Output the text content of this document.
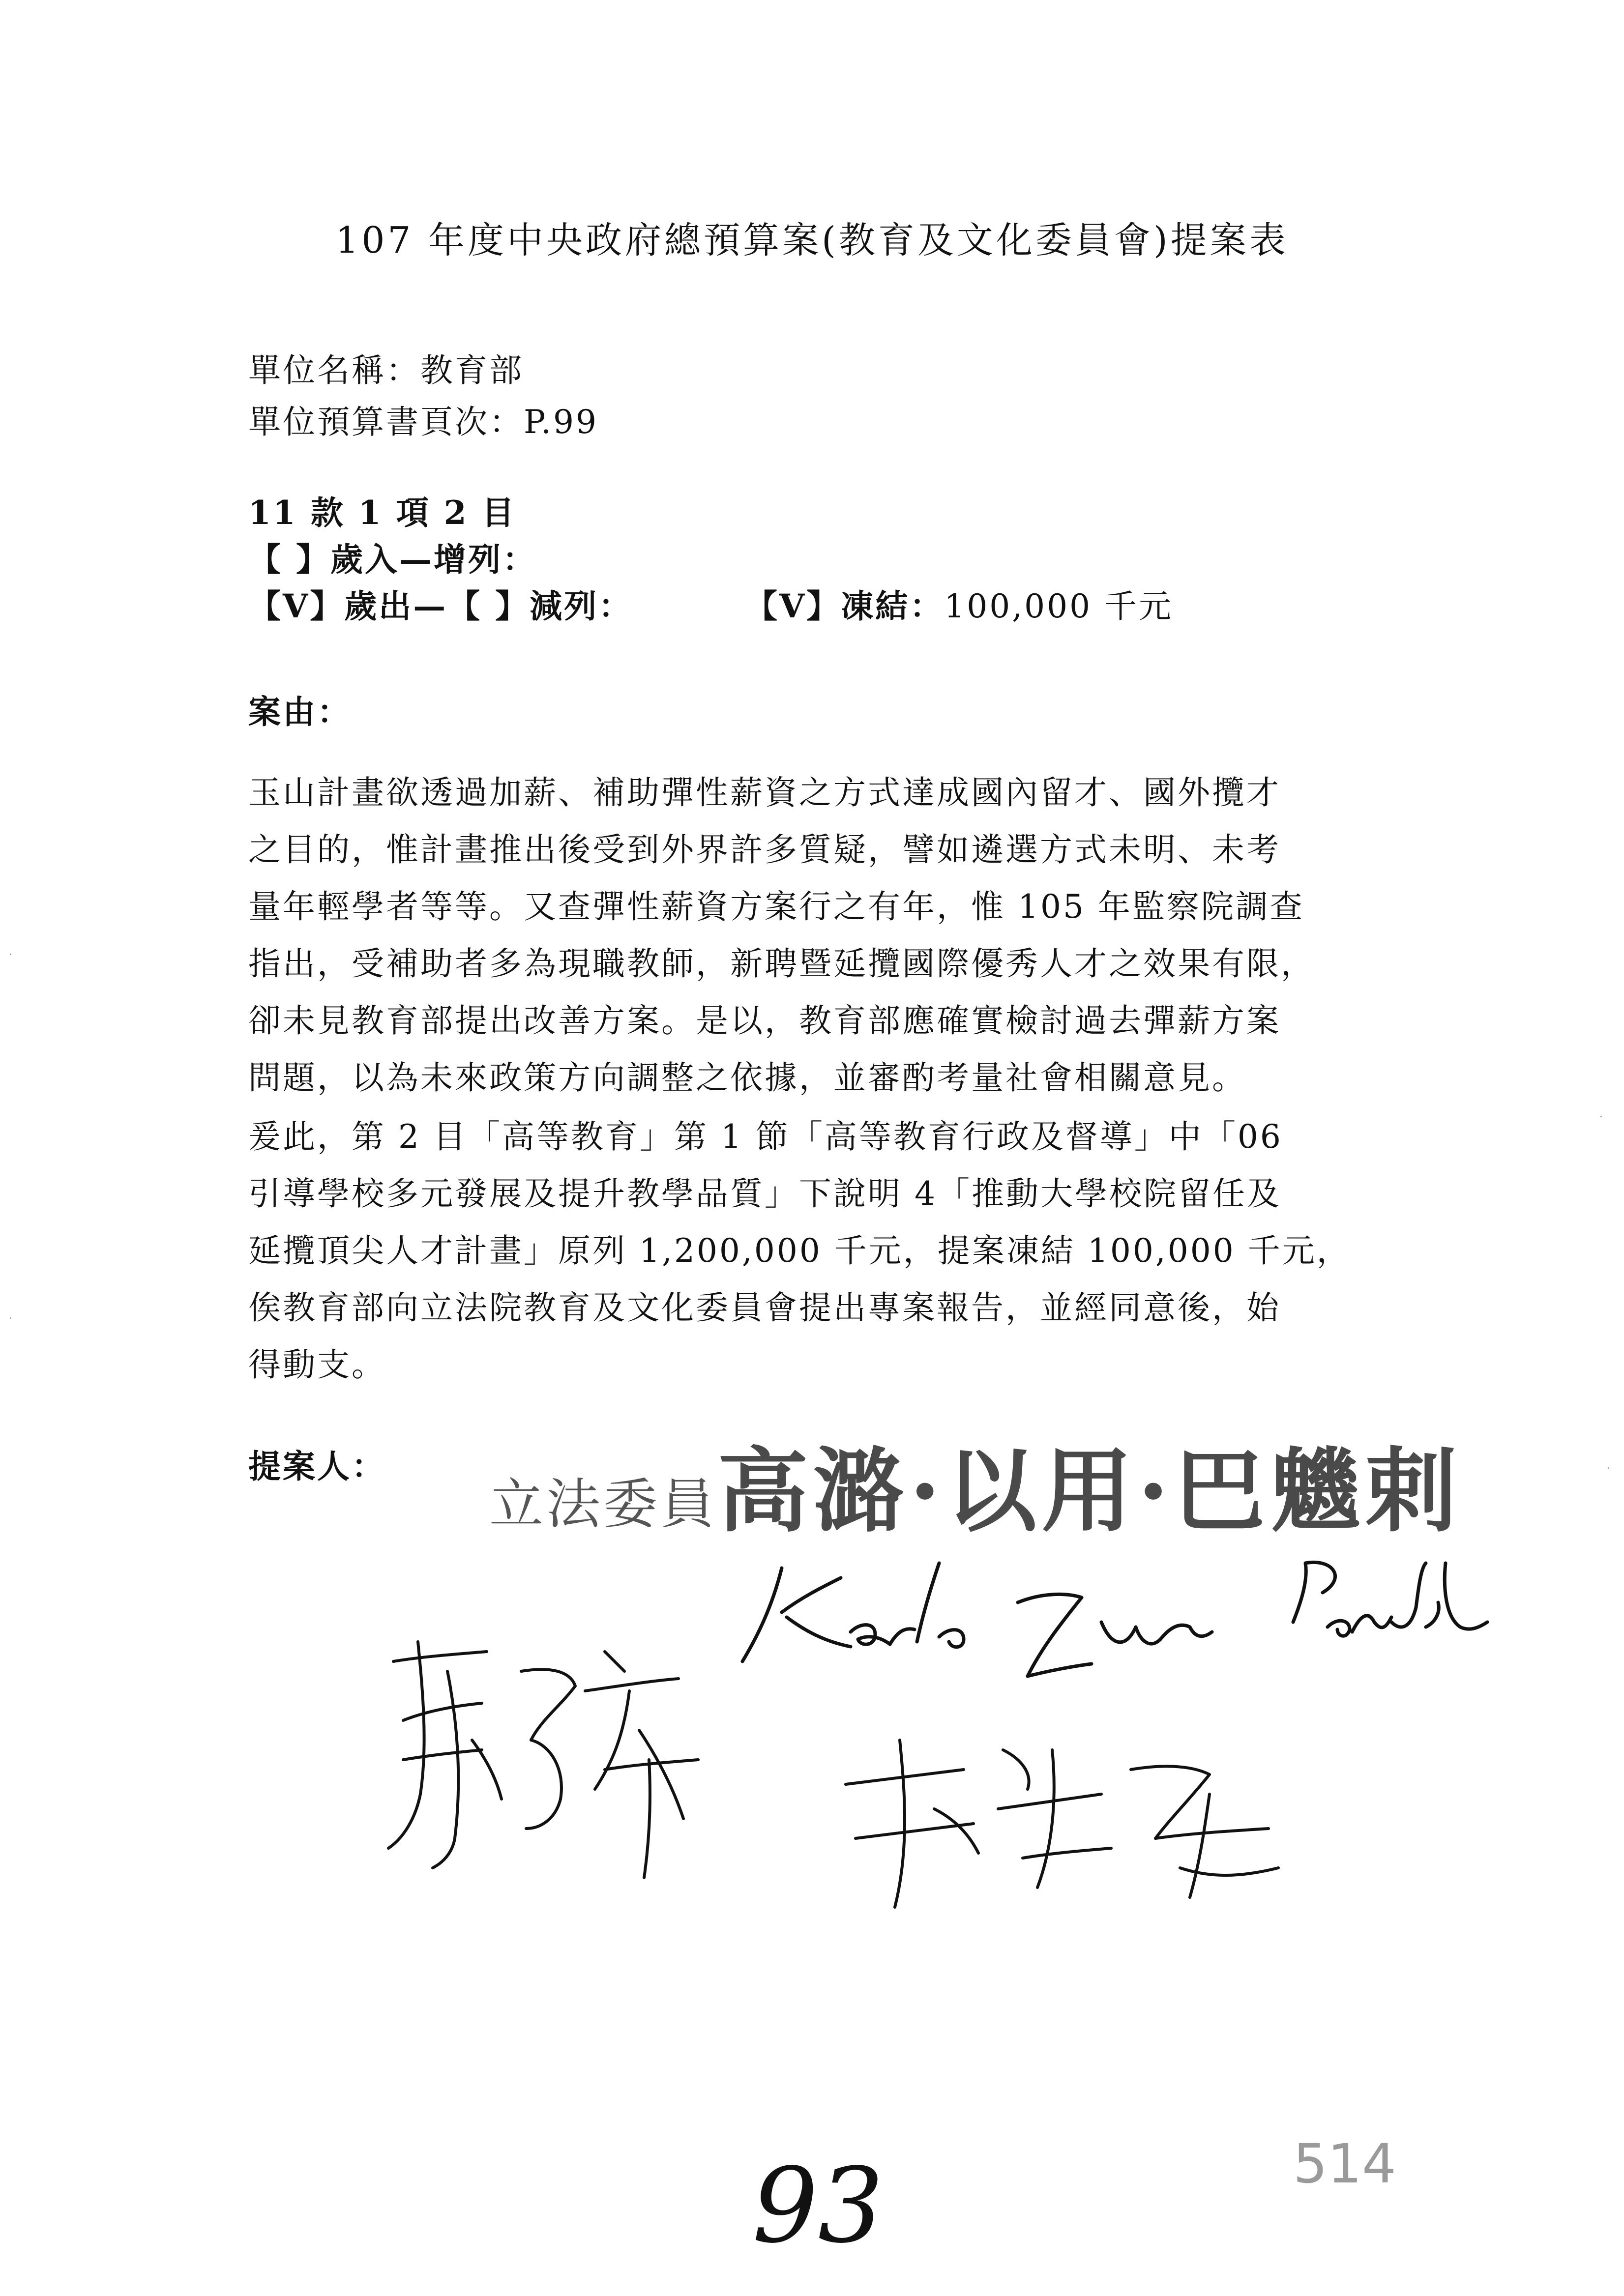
107 年度中央政府總預算案(教育及文化委員會)提案表
單位名稱：教育部
單位預算書頁次：P.99
11 款 1 項 2 目
【 】歲入—增列：
【V】歲出—【 】減列：	【V】凍結：100,000 千元
案由：
玉山計畫欲透過加薪、補助彈性薪資之方式達成國內留才、國外攬才
之目的，惟計畫推出後受到外界許多質疑，譬如遴選方式未明、未考
量年輕學者等等。又查彈性薪資方案行之有年，惟 105 年監察院調查
指出，受補助者多為現職教師，新聘暨延攬國際優秀人才之效果有限，
卻未見教育部提出改善方案。是以，教育部應確實檢討過去彈薪方案
問題，以為未來政策方向調整之依據，並審酌考量社會相關意見。
爰此，第 2 目「高等教育」第 1 節「高等教育行政及督導」中「06
引導學校多元發展及提升教學品質」下說明 4「推動大學校院留任及
延攬頂尖人才計畫」原列 1,200,000 千元，提案凍結 100,000 千元，
俟教育部向立法院教育及文化委員會提出專案報告，並經同意後，始
得動支。
提案人：
立法委員高潞·以用·巴魕剌
93	514
